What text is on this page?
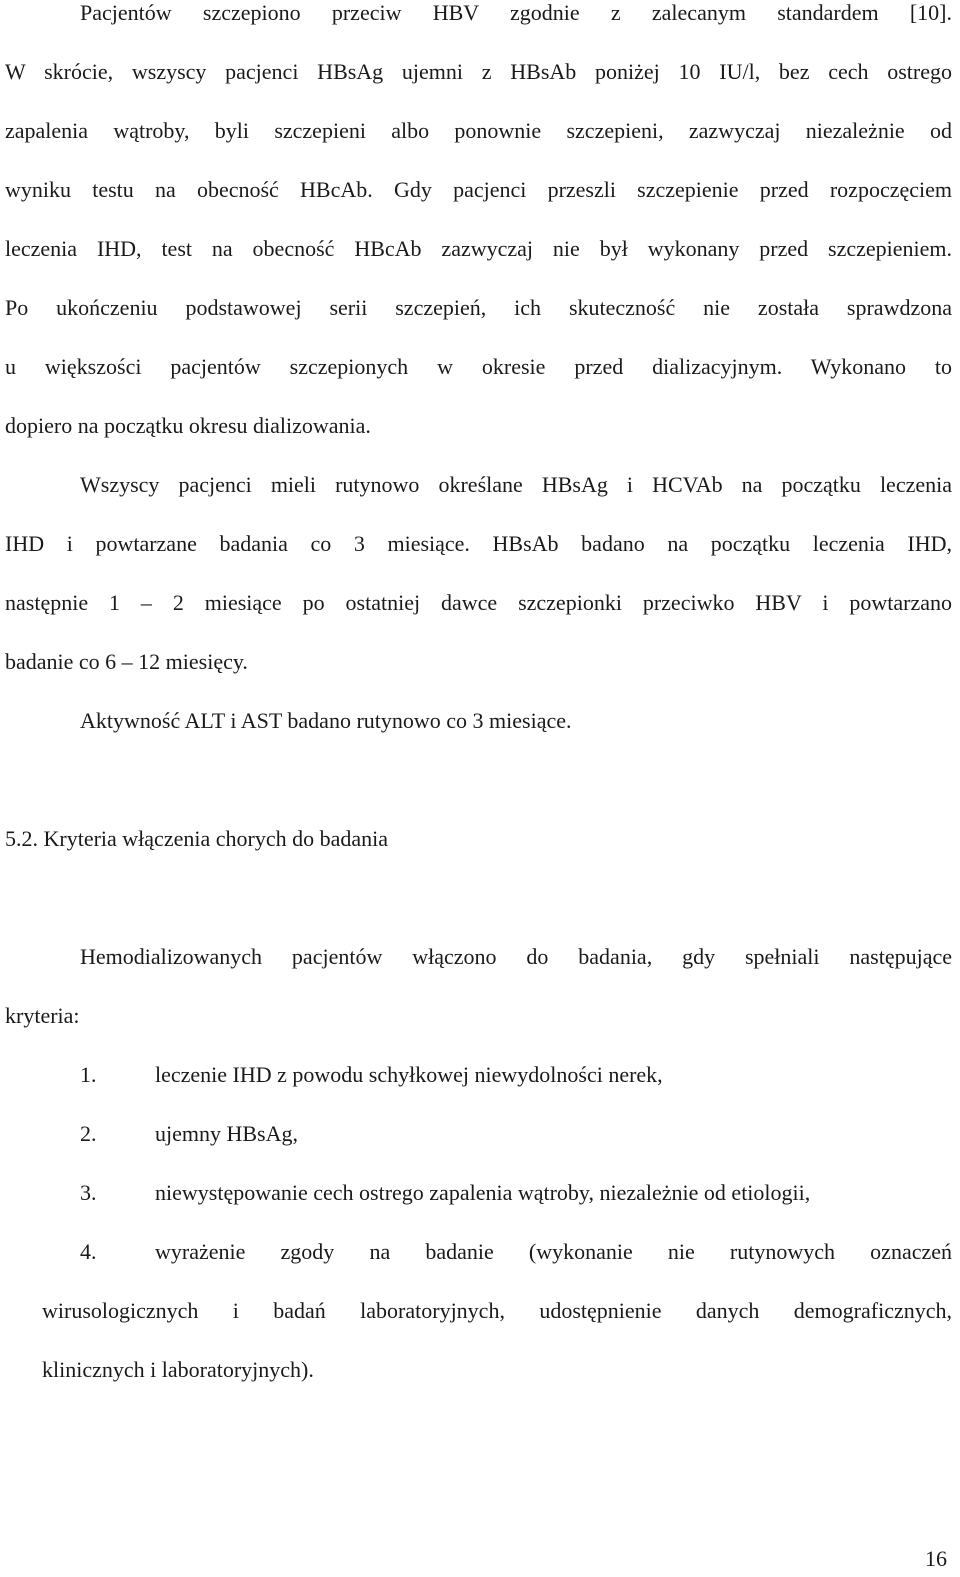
Pacjentów szczepiono przeciw HBV zgodnie z zalecanym standardem [10].
W skrócie, wszyscy pacjenci HBsAg ujemni z HBsAb poniżej 10 IU/l, bez cech ostrego
zapalenia wątroby, byli szczepieni albo ponownie szczepieni, zazwyczaj niezależnie od
wyniku testu na obecność HBcAb. Gdy pacjenci przeszli szczepienie przed rozpoczęciem
leczenia IHD, test na obecność HBcAb zazwyczaj nie był wykonany przed szczepieniem.
Po ukończeniu podstawowej serii szczepień, ich skuteczność nie została sprawdzona
u większości pacjentów szczepionych w okresie przed dializacyjnym. Wykonano to
dopiero na początku okresu dializowania.
Wszyscy pacjenci mieli rutynowo określane HBsAg i HCVAb na początku leczenia
IHD i powtarzane badania co 3 miesiące. HBsAb badano na początku leczenia IHD,
następnie 1 – 2 miesiące po ostatniej dawce szczepionki przeciwko HBV i powtarzano
badanie co 6 – 12 miesięcy.
Aktywność ALT i AST badano rutynowo co 3 miesiące.
5.2. Kryteria włączenia chorych do badania
Hemodializowanych pacjentów włączono do badania, gdy spełniali następujące
kryteria:
1.	leczenie IHD z powodu schyłkowej niewydolności nerek,
2.	ujemny HBsAg,
3.	niewystępowanie cech ostrego zapalenia wątroby, niezależnie od etiologii,
4.	wyrażenie zgody na badanie (wykonanie nie rutynowych oznaczeń
wirusologicznych i badań laboratoryjnych, udostępnienie danych demograficznych,
klinicznych i laboratoryjnych).
16
